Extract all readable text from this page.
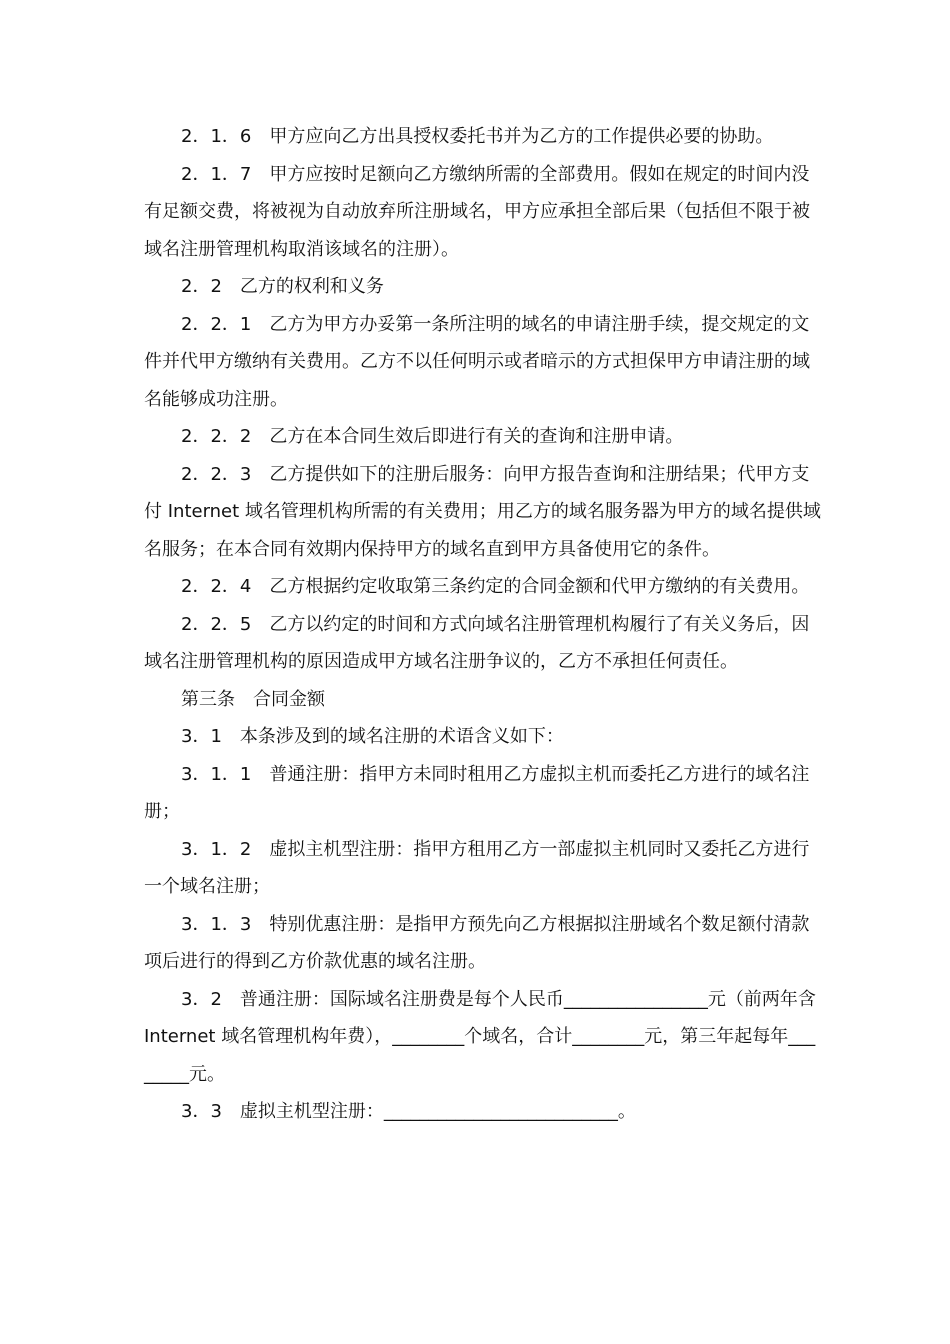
2．1．6　甲方应向乙方出具授权委托书并为乙方的工作提供必要的协助。

2．1．7　甲方应按时足额向乙方缴纳所需的全部费用。假如在规定的时间内没有足额交费，将被视为自动放弃所注册域名，甲方应承担全部后果（包括但不限于被域名注册管理机构取消该域名的注册）。

2．2　乙方的权利和义务

2．2．1　乙方为甲方办妥第一条所注明的域名的申请注册手续，提交规定的文件并代甲方缴纳有关费用。乙方不以任何明示或者暗示的方式担保甲方申请注册的域名能够成功注册。

2．2．2　乙方在本合同生效后即进行有关的查询和注册申请。

2．2．3　乙方提供如下的注册后服务：向甲方报告查询和注册结果；代甲方支付 Internet 域名管理机构所需的有关费用；用乙方的域名服务器为甲方的域名提供域名服务；在本合同有效期内保持甲方的域名直到甲方具备使用它的条件。

2．2．4　乙方根据约定收取第三条约定的合同金额和代甲方缴纳的有关费用。

2．2．5　乙方以约定的时间和方式向域名注册管理机构履行了有关义务后，因域名注册管理机构的原因造成甲方域名注册争议的，乙方不承担任何责任。

第三条　合同金额

3．1　本条涉及到的域名注册的术语含义如下：

3．1．1　普通注册：指甲方未同时租用乙方虚拟主机而委托乙方进行的域名注册；

3．1．2　虚拟主机型注册：指甲方租用乙方一部虚拟主机同时又委托乙方进行一个域名注册；

3．1．3　特别优惠注册：是指甲方预先向乙方根据拟注册域名个数足额付清款项后进行的得到乙方价款优惠的域名注册。

3．2　普通注册：国际域名注册费是每个人民币________________元（前两年含 Internet 域名管理机构年费），________个域名，合计________元，第三年起每年________元。

3．3　虚拟主机型注册：__________________________。
